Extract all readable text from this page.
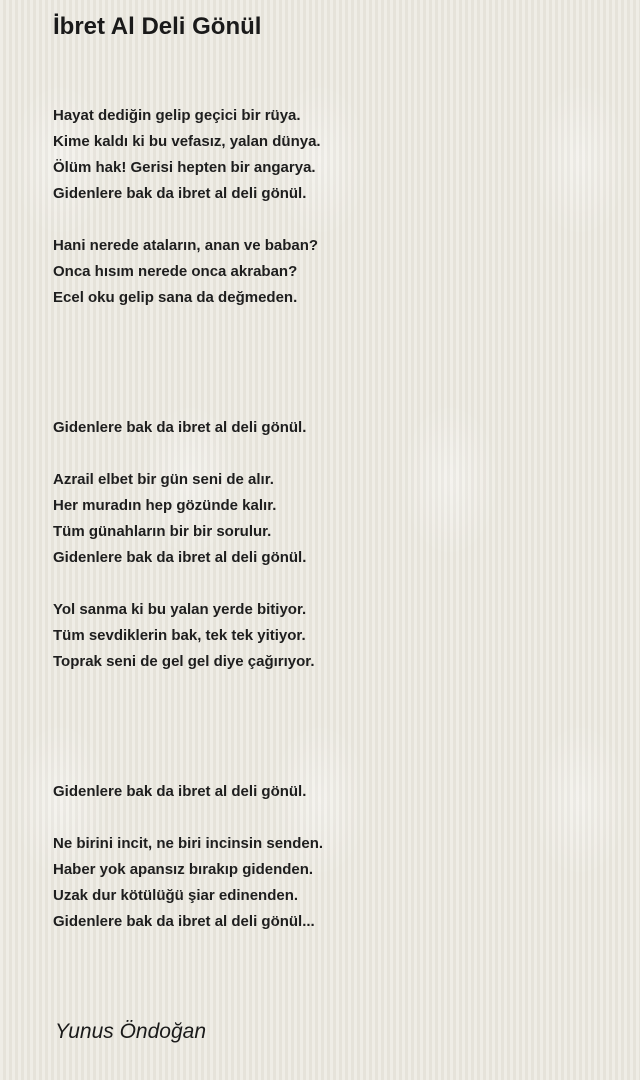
İbret Al Deli Gönül
Hayat dediğin gelip geçici bir rüya.
Kime kaldı ki bu vefasız, yalan dünya.
Ölüm hak! Gerisi hepten bir angarya.
Gidenlere bak da ibret al deli gönül.
Hani nerede ataların, anan ve baban?
Onca hısım nerede onca akraban?
Ecel oku gelip sana da değmeden.
Gidenlere bak da ibret al deli gönül.
Azrail elbet bir gün seni de alır.
Her muradın hep gözünde kalır.
Tüm günahların bir bir sorulur.
Gidenlere bak da ibret al deli gönül.
Yol sanma ki bu yalan yerde bitiyor.
Tüm sevdiklerin bak, tek tek yitiyor.
Toprak seni de gel gel diye çağırıyor.
Gidenlere bak da ibret al deli gönül.
Ne birini incit, ne biri incinsin senden.
Haber yok apansız bırakıp gidenden.
Uzak dur kötülüğü şiar edinenden.
Gidenlere bak da ibret al deli gönül...
Yunus Öndoğan
